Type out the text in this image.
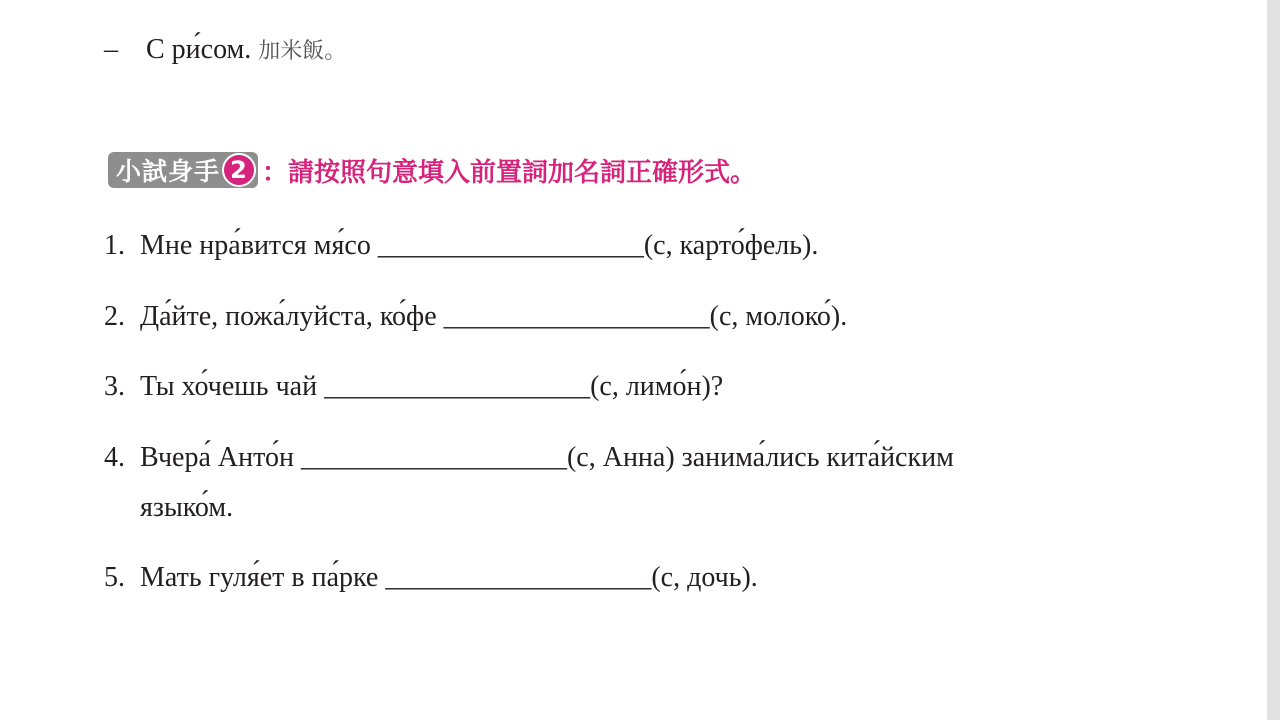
– С ри́сом. 加米飯。
小試身手 2 ：請按照句意填入前置詞加名詞正確形式。
1. Мне нра́вится мя́со ___________________(с, карто́фель).
2. Да́йте, пожа́луйста, ко́фе ___________________(с, молоко́).
3. Ты хо́чешь чай ___________________(с, лимо́н)?
4. Вчера́ Анто́н ___________________(с, Анна) занима́лись кита́йским
языко́м.
5. Мать гуля́ет в па́рке ___________________(с, дочь).
